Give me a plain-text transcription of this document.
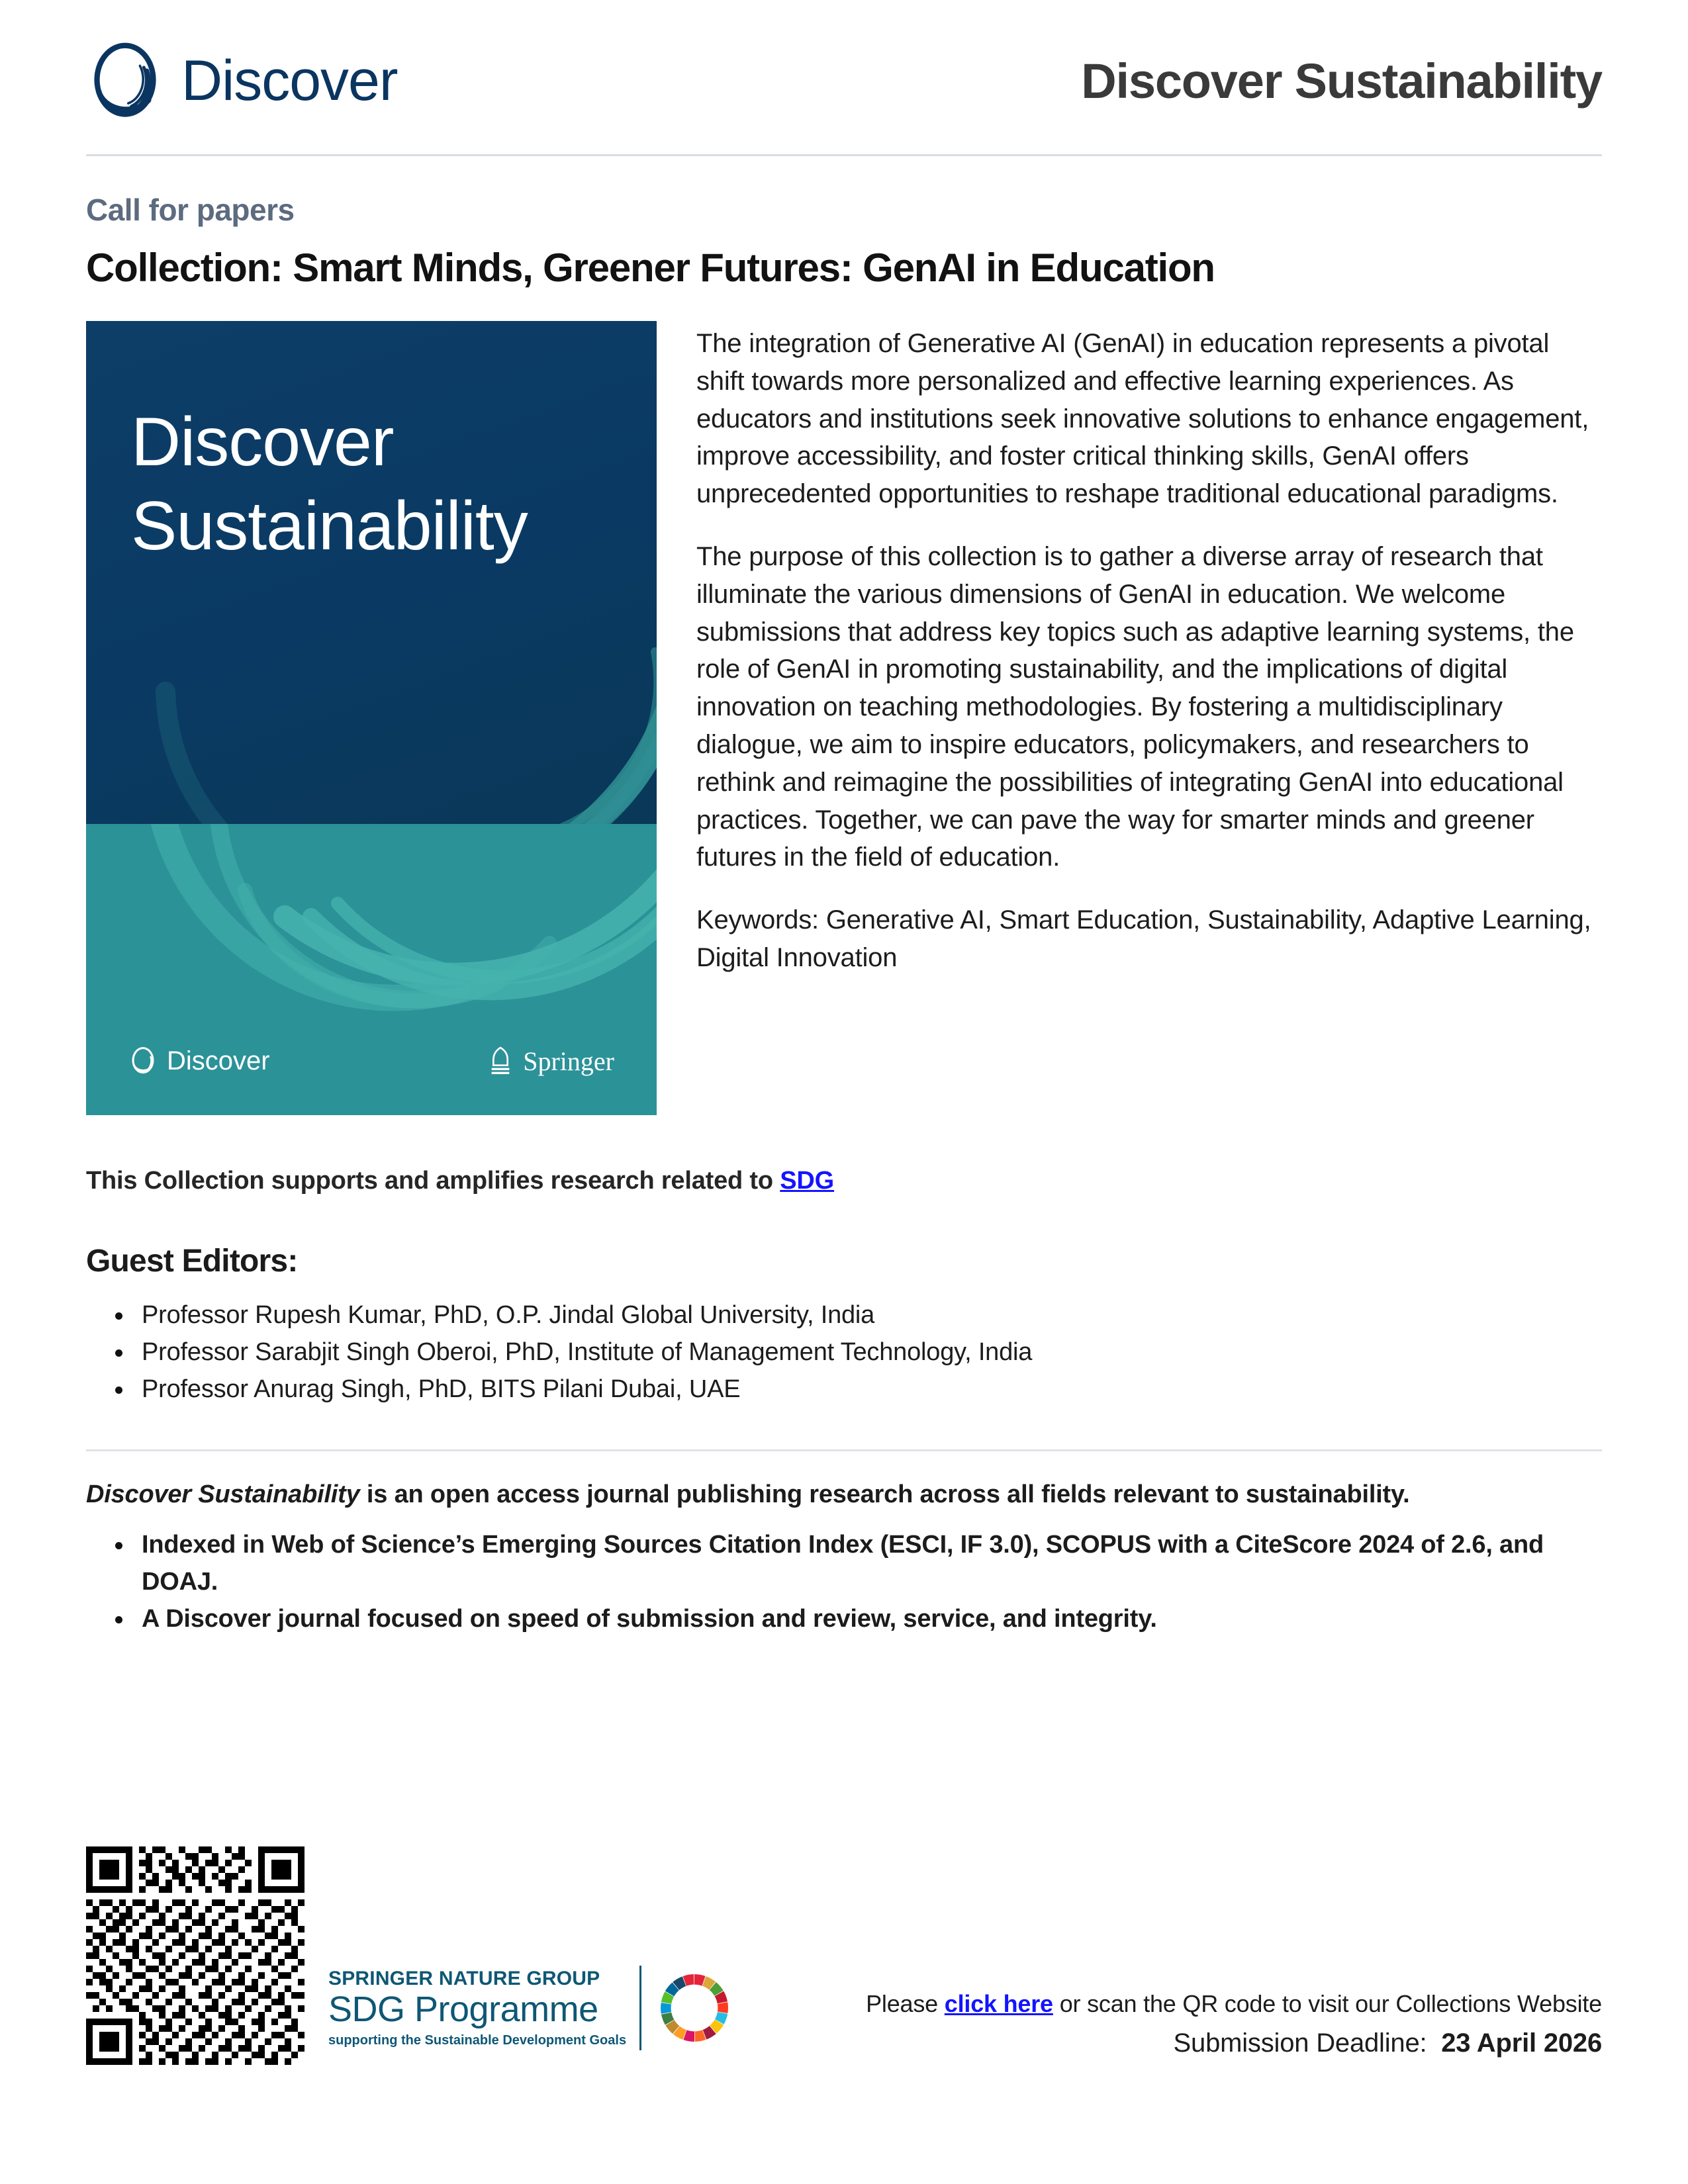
Discover	Discover Sustainability
Call for papers
Collection: Smart Minds, Greener Futures: GenAI in Education
Discover
Sustainability
Discover	Springer

The integration of Generative AI (GenAI) in education represents a pivotal shift towards more personalized and effective learning experiences. As educators and institutions seek innovative solutions to enhance engagement, improve accessibility, and foster critical thinking skills, GenAI offers unprecedented opportunities to reshape traditional educational paradigms.

The purpose of this collection is to gather a diverse array of research that illuminate the various dimensions of GenAI in education. We welcome submissions that address key topics such as adaptive learning systems, the role of GenAI in promoting sustainability, and the implications of digital innovation on teaching methodologies. By fostering a multidisciplinary dialogue, we aim to inspire educators, policymakers, and researchers to rethink and reimagine the possibilities of integrating GenAI into educational practices. Together, we can pave the way for smarter minds and greener futures in the field of education.

Keywords: Generative AI, Smart Education, Sustainability, Adaptive Learning, Digital Innovation

This Collection supports and amplifies research related to SDG
Guest Editors:
Professor Rupesh Kumar, PhD, O.P. Jindal Global University, India
Professor Sarabjit Singh Oberoi, PhD, Institute of Management Technology, India
Professor Anurag Singh, PhD, BITS Pilani Dubai, UAE
Discover Sustainability is an open access journal publishing research across all fields relevant to sustainability.
Indexed in Web of Science’s Emerging Sources Citation Index (ESCI, IF 3.0), SCOPUS with a CiteScore 2024 of 2.6, and DOAJ.
A Discover journal focused on speed of submission and review, service, and integrity.
SPRINGER NATURE GROUP
SDG Programme
supporting the Sustainable Development Goals
Please click here or scan the QR code to visit our Collections Website
Submission Deadline: 23 April 2026
